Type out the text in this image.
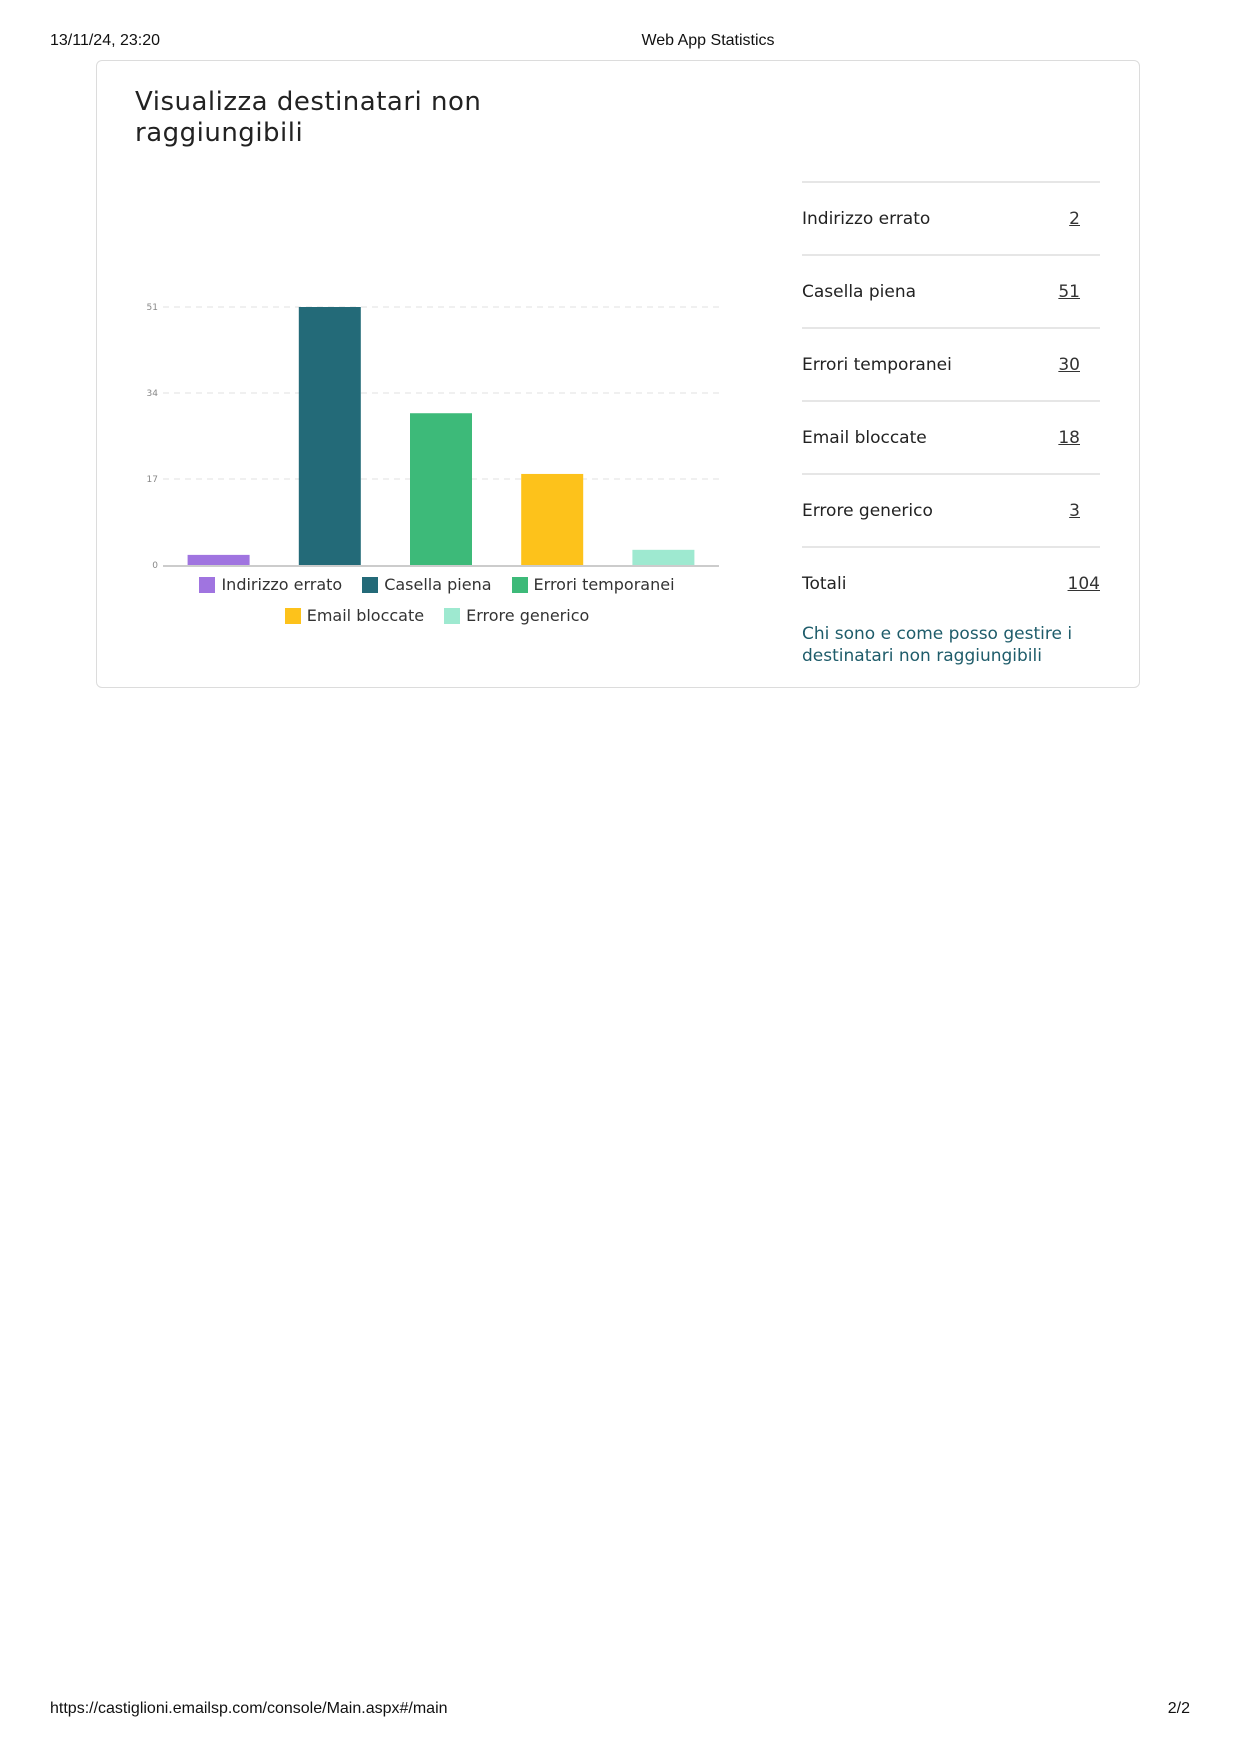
13/11/24, 23:20	Web App Statistics
Visualizza destinatari non raggiungibili
0
17
34
51
Indirizzo errato	Casella piena	Errori temporanei
Email bloccate	Errore generico
Indirizzo errato	2
Casella piena	51
Errori temporanei	30
Email bloccate	18
Errore generico	3
Totali	104
Chi sono e come posso gestire i destinatari non raggiungibili
https://castiglioni.emailsp.com/console/Main.aspx#/main	2/2
